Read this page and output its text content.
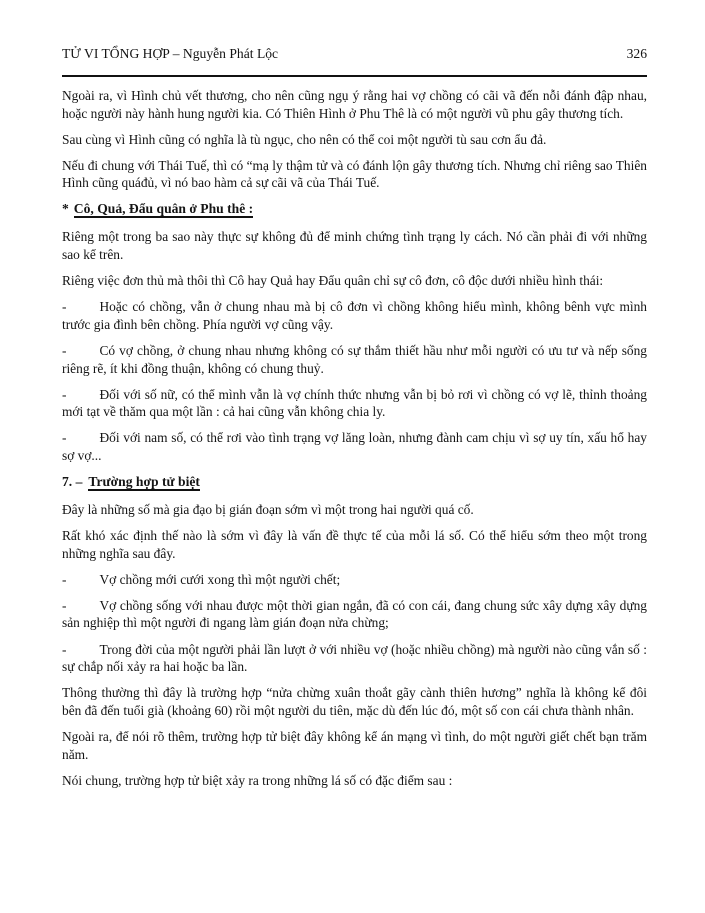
TỬ VI TỔNG HỢP – Nguyễn Phát Lộc	326

Ngoài ra, vì Hình chủ vết thương, cho nên cũng ngụ ý rằng hai vợ chồng có cãi vã đến nỗi đánh đập nhau, hoặc người này hành hung người kia. Có Thiên Hình ở Phu Thê là có một người vũ phu gây thương tích.

Sau cùng vì Hình cũng có nghĩa là tù ngục, cho nên có thể coi một người tù sau cơn ẩu đả.

Nếu đi chung với Thái Tuế, thì có “mạ ly thậm tử và có đánh lộn gây thương tích. Nhưng chỉ riêng sao Thiên Hình cũng quáđủ, vì nó bao hàm cả sự cãi vã của Thái Tuế.

* Cô, Quả, Đẩu quân ở Phu thê :

Riêng một trong ba sao này thực sự không đủ để minh chứng tình trạng ly cách. Nó cần phải đi với những sao kể trên.

Riêng việc đơn thủ mà thôi thì Cô hay Quả hay Đẩu quân chỉ sự cô đơn, cô độc dưới nhiều hình thái:

- Hoặc có chồng, vẫn ở chung nhau mà bị cô đơn vì chồng không hiểu mình, không bênh vực mình trước gia đình bên chồng. Phía người vợ cũng vậy.

- Có vợ chồng, ở chung nhau nhưng không có sự thắm thiết hầu như mỗi người có ưu tư và nếp sống riêng rẽ, ít khi đồng thuận, không có chung thuỷ.

- Đối với số nữ, có thể mình vẫn là vợ chính thức nhưng vẫn bị bỏ rơi vì chồng có vợ lẽ, thỉnh thoảng mới tạt về thăm qua một lần : cả hai cũng vẫn không chia ly.

- Đối với nam số, có thể rơi vào tình trạng vợ lăng loàn, nhưng đành cam chịu vì sợ uy tín, xấu hổ hay sợ vợ...

7. – Trường hợp tử biệt

Đây là những số mà gia đạo bị gián đoạn sớm vì một trong hai người quá cố.

Rất khó xác định thế nào là sớm vì đây là vấn đề thực tế của mỗi lá số. Có thể hiểu sớm theo một trong những nghĩa sau đây.

- Vợ chồng mới cưới xong thì một người chết;

- Vợ chồng sống với nhau được một thời gian ngắn, đã có con cái, đang chung sức xây dựng xây dựng sản nghiệp thì một người đi ngang làm gián đoạn nửa chừng;

- Trong đời của một người phải lần lượt ở với nhiều vợ (hoặc nhiều chồng) mà người nào cũng vắn số : sự chắp nối xảy ra hai hoặc ba lần.

Thông thường thì đây là trường hợp “nửa chừng xuân thoắt gãy cành thiên hương” nghĩa là không kể đôi bên đã đến tuổi già (khoảng 60) rồi một người du tiên, mặc dù đến lúc đó, một số con cái chưa thành nhân.

Ngoài ra, để nói rõ thêm, trường hợp tử biệt đây không kể án mạng vì tình, do một người giết chết bạn trăm năm.

Nói chung, trường hợp tử biệt xảy ra trong những lá số có đặc điểm sau :
